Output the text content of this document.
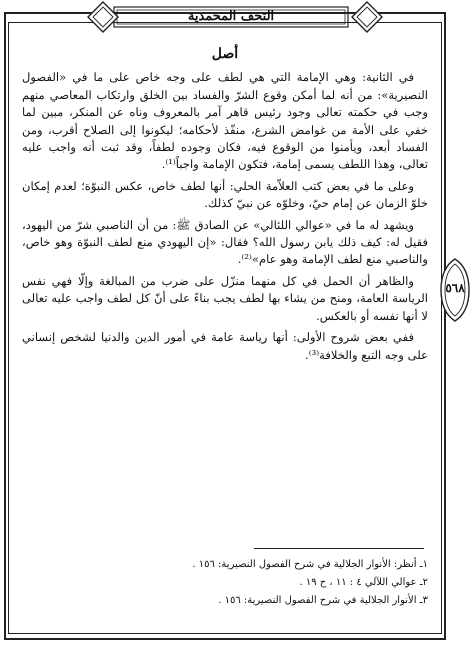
التحف المحمدية
٥٦٨
أصل

في الثانية: وهي الإمامة التي هي لطف على وجه خاص على ما في «الفصول النصيرية»: من أنه لما أمكن وقوع الشرّ والفساد بين الخلق وارتكاب المعاصي منهم وجب في حكمته تعالى وجود رئيس قاهر آمر بالمعروف وناه عن المنكر، مبين لما خفي على الأمة من غوامض الشرع، منفّذ لأحكامه؛ ليكونوا إلى الصلاح أقرب، ومن الفساد أبعد، ويأمنوا من الوقوع فيه، فكان وجوده لطفاً، وقد ثبت أنه واجب عليه تعالى، وهذا اللطف يسمى إمامة، فتكون الإمامة واجباً⁽¹⁾.

وعلى ما في بعض كتب العلاّمة الحلي: أنها لطف خاص، عكس النبوّة؛ لعدم إمكان خلوّ الزمان عن إمام حيّ، وخلوّه عن نبيّ كذلك.

ويشهد له ما في «عوالي اللئالي» عن الصادق ﷺ: من أن الناصبي شرّ من اليهود، فقيل له: كيف ذلك يابن رسول الله؟ فقال: «إن اليهودي منع لطف النبوّة وهو خاص، والناصبي منع لطف الإمامة وهو عام»⁽²⁾.

والظاهر أن الحمل في كل منهما منزّل على ضرب من المبالغة وإلّا فهي نفس الرياسة العامة، ومنح من يشاء بها لطف يجب بناءً على أنّ كل لطف واجب عليه تعالى لا أنها نفسه أو بالعكس.

ففي بعض شروح الأولى: أنها رياسة عامة في أمور الدين والدنيا لشخص إنساني على وجه التبع والخلافة⁽³⁾.

١ـ أنظر: الأنوار الجلالية في شرح الفصول النصيرية: ١٥٦ .

٢ـ عوالي اللآلي ٤ : ١١ ، ح ١٩ .

٣ـ الأنوار الجلالية في شرح الفصول النصيرية: ١٥٦ .
